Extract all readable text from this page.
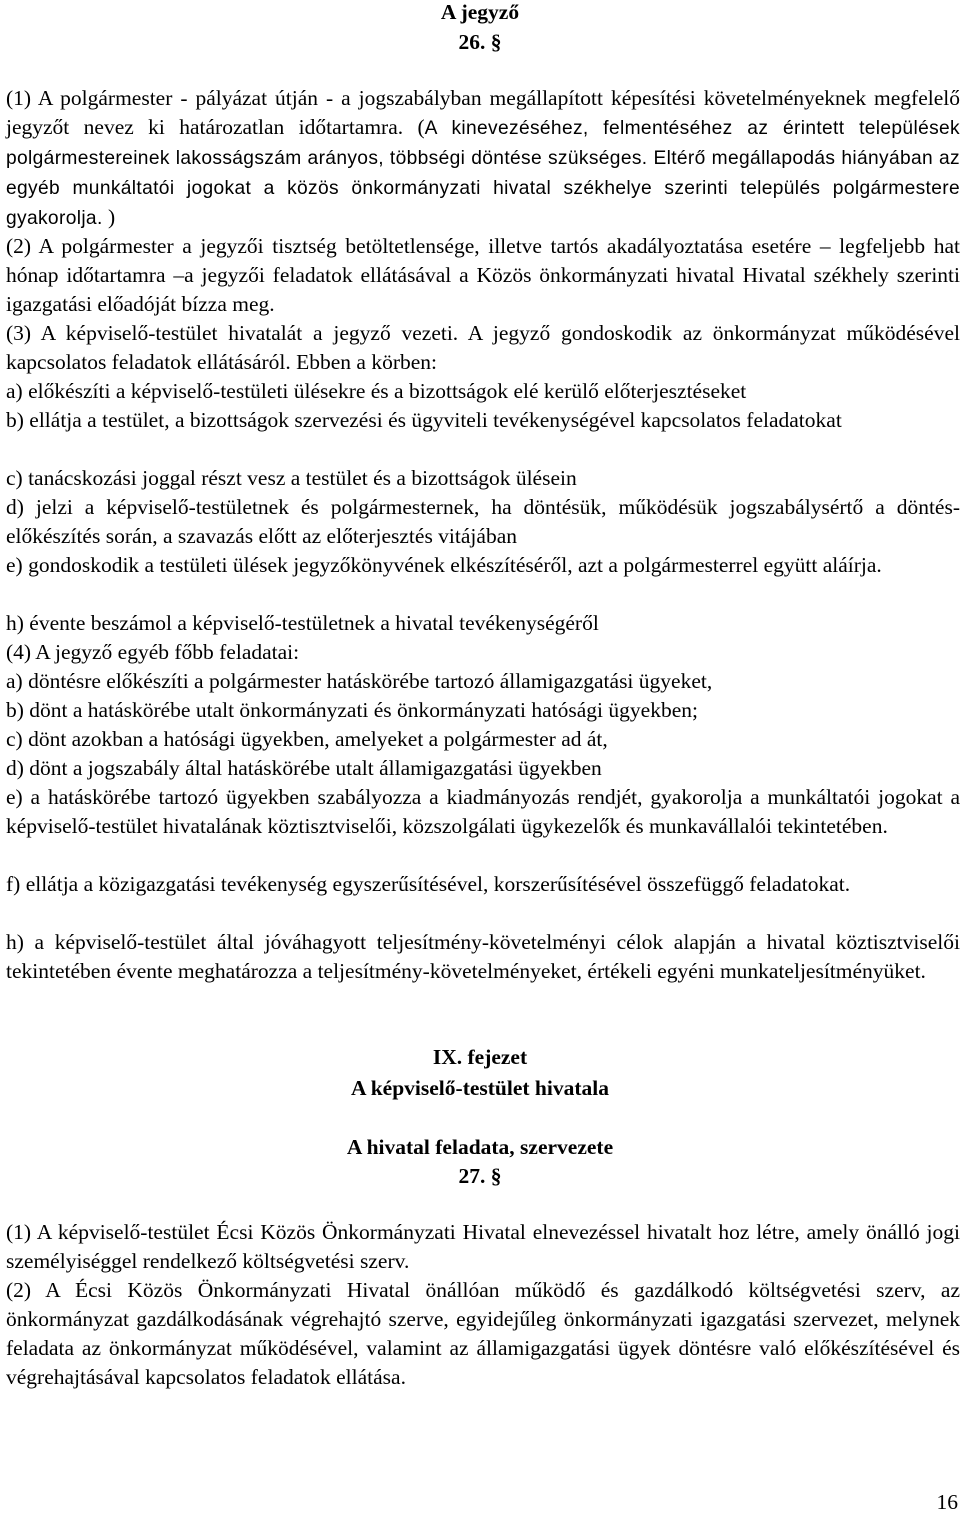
A jegyző
26. §

(1) A polgármester - pályázat útján - a jogszabályban megállapított képesítési követelményeknek megfelelő jegyzőt nevez ki határozatlan időtartamra. (A kinevezéséhez, felmentéséhez az érintett települések polgármestereinek lakosságszám arányos, többségi döntése szükséges. Eltérő megállapodás hiányában az egyéb munkáltatói jogokat a közös önkormányzati hivatal székhelye szerinti település polgármestere gyakorolja. )

(2) A polgármester a jegyzői tisztség betöltetlensége, illetve tartós akadályoztatása esetére – legfeljebb hat hónap időtartamra –a jegyzői feladatok ellátásával a Közös önkormányzati hivatal Hivatal székhely szerinti igazgatási előadóját bízza meg.

(3) A képviselő-testület hivatalát a jegyző vezeti. A jegyző gondoskodik az önkormányzat működésével kapcsolatos feladatok ellátásáról. Ebben a körben:

a) előkészíti a képviselő-testületi ülésekre és a bizottságok elé kerülő előterjesztéseket

b) ellátja a testület, a bizottságok szervezési és ügyviteli tevékenységével kapcsolatos feladatokat

c) tanácskozási joggal részt vesz a testület és a bizottságok ülésein

d) jelzi a képviselő-testületnek és polgármesternek, ha döntésük, működésük jogszabálysértő a döntés-előkészítés során, a szavazás előtt az előterjesztés vitájában

e) gondoskodik a testületi ülések jegyzőkönyvének elkészítéséről, azt a polgármesterrel együtt aláírja.

h) évente beszámol a képviselő-testületnek a hivatal tevékenységéről

(4) A jegyző egyéb főbb feladatai:

a) döntésre előkészíti a polgármester hatáskörébe tartozó államigazgatási ügyeket,

b) dönt a hatáskörébe utalt önkormányzati és önkormányzati hatósági ügyekben;

c) dönt azokban a hatósági ügyekben, amelyeket a polgármester ad át,

d) dönt a jogszabály által hatáskörébe utalt államigazgatási ügyekben

e) a hatáskörébe tartozó ügyekben szabályozza a kiadmányozás rendjét, gyakorolja a munkáltatói jogokat a képviselő-testület hivatalának köztisztviselői, közszolgálati ügykezelők és munkavállalói tekintetében.

f) ellátja a közigazgatási tevékenység egyszerűsítésével, korszerűsítésével összefüggő feladatokat.

h) a képviselő-testület által jóváhagyott teljesítmény-követelményi célok alapján a hivatal köztisztviselői tekintetében évente meghatározza a teljesítmény-követelményeket, értékeli egyéni munkateljesítményüket.

IX. fejezet
A képviselő-testület hivatala
A hivatal feladata, szervezete
27. §

(1) A képviselő-testület Écsi Közös Önkormányzati Hivatal elnevezéssel hivatalt hoz létre, amely önálló jogi személyiséggel rendelkező költségvetési szerv.

(2) A Écsi Közös Önkormányzati Hivatal önállóan működő és gazdálkodó költségvetési szerv, az önkormányzat gazdálkodásának végrehajtó szerve, egyidejűleg önkormányzati igazgatási szervezet, melynek feladata az önkormányzat működésével, valamint az államigazgatási ügyek döntésre való előkészítésével és végrehajtásával kapcsolatos feladatok ellátása.

16
